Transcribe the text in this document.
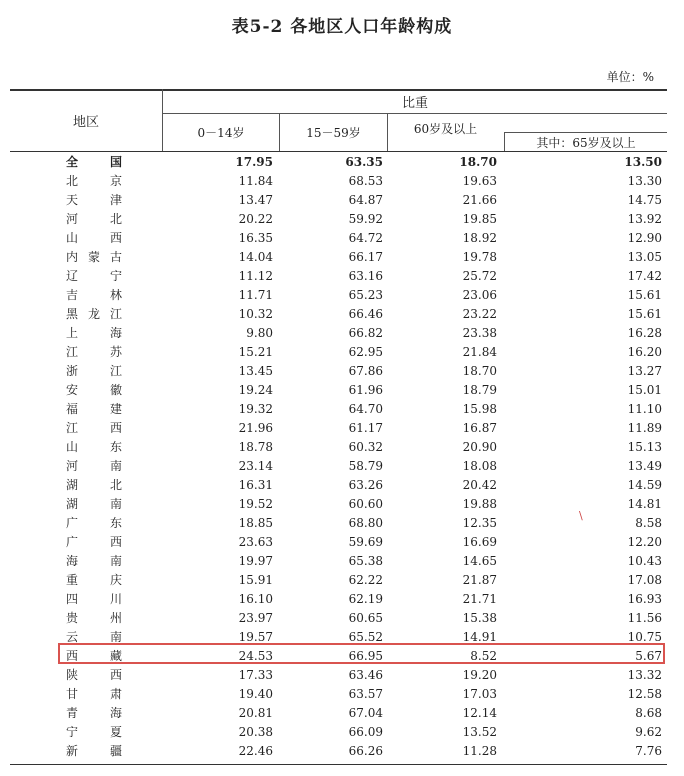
表5-2 各地区人口年龄构成
单位：%
地区
比重
0－14岁	15－59岁	60岁及以上
其中：65岁及以上
全　国	17.95	63.35	18.70	13.50
北　京	11.84	68.53	19.63	13.30
天　津	13.47	64.87	21.66	14.75
河　北	20.22	59.92	19.85	13.92
山　西	16.35	64.72	18.92	12.90
内蒙古	14.04	66.17	19.78	13.05
辽　宁	11.12	63.16	25.72	17.42
吉　林	11.71	65.23	23.06	15.61
黑龙江	10.32	66.46	23.22	15.61
上　海	9.80	66.82	23.38	16.28
江　苏	15.21	62.95	21.84	16.20
浙　江	13.45	67.86	18.70	13.27
安　徽	19.24	61.96	18.79	15.01
福　建	19.32	64.70	15.98	11.10
江　西	21.96	61.17	16.87	11.89
山　东	18.78	60.32	20.90	15.13
河　南	23.14	58.79	18.08	13.49
湖　北	16.31	63.26	20.42	14.59
湖　南	19.52	60.60	19.88	14.81
广　东	18.85	68.80	12.35	8.58
广　西	23.63	59.69	16.69	12.20
海　南	19.97	65.38	14.65	10.43
重　庆	15.91	62.22	21.87	17.08
四　川	16.10	62.19	21.71	16.93
贵　州	23.97	60.65	15.38	11.56
云　南	19.57	65.52	14.91	10.75
西　藏	24.53	66.95	8.52	5.67
陕　西	17.33	63.46	19.20	13.32
甘　肃	19.40	63.57	17.03	12.58
青　海	20.81	67.04	12.14	8.68
宁　夏	20.38	66.09	13.52	9.62
新　疆	22.46	66.26	11.28	7.76
\
